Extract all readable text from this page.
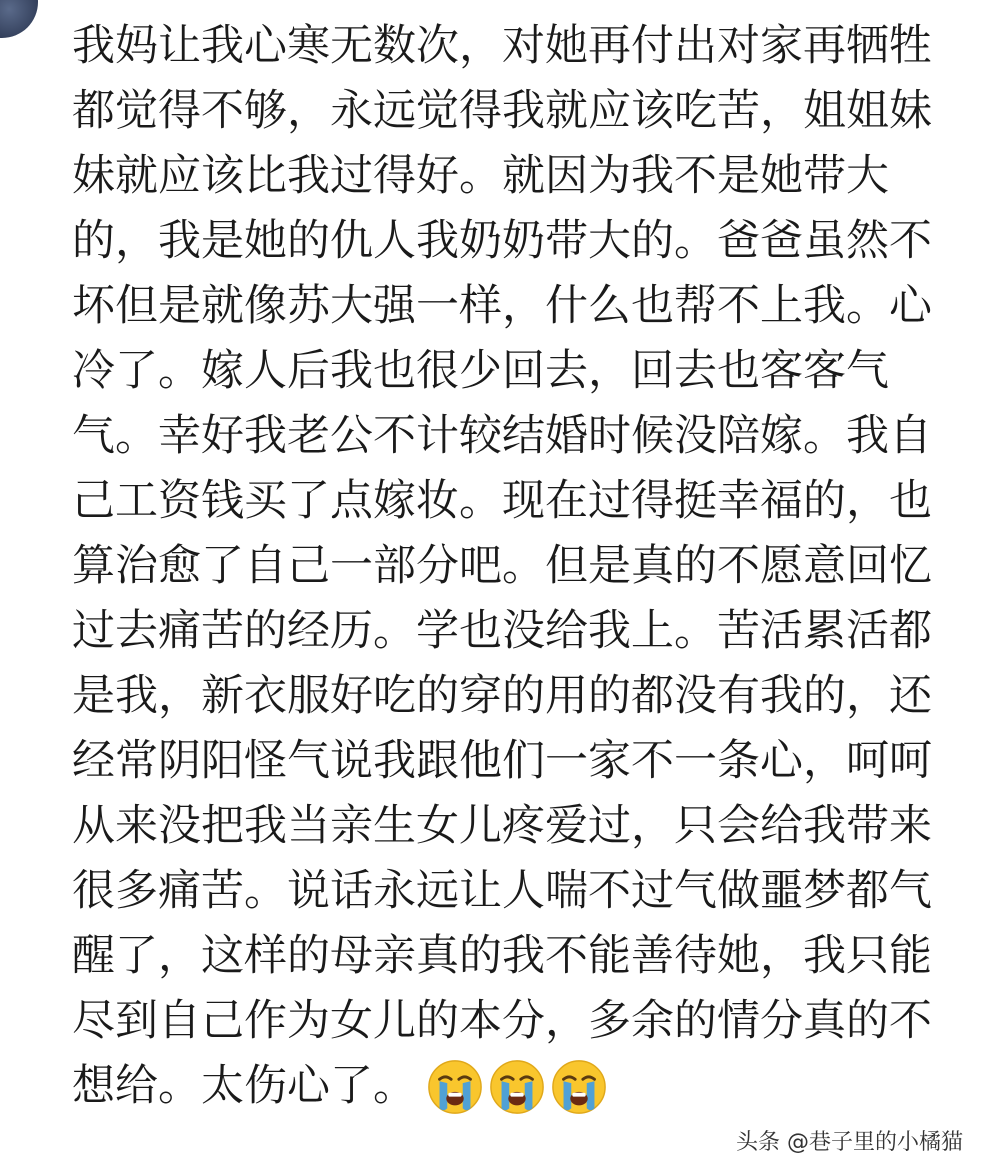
我妈让我心寒无数次，对她再付出对家再牺牲
都觉得不够，永远觉得我就应该吃苦，姐姐妹
妹就应该比我过得好。就因为我不是她带大
的，我是她的仇人我奶奶带大的。爸爸虽然不
坏但是就像苏大强一样，什么也帮不上我。心
冷了。嫁人后我也很少回去，回去也客客气
气。幸好我老公不计较结婚时候没陪嫁。我自
己工资钱买了点嫁妆。现在过得挺幸福的，也
算治愈了自己一部分吧。但是真的不愿意回忆
过去痛苦的经历。学也没给我上。苦活累活都
是我，新衣服好吃的穿的用的都没有我的，还
经常阴阳怪气说我跟他们一家不一条心，呵呵
从来没把我当亲生女儿疼爱过，只会给我带来
很多痛苦。说话永远让人喘不过气做噩梦都气
醒了，这样的母亲真的我不能善待她，我只能
尽到自己作为女儿的本分，多余的情分真的不
想给。太伤心了。
头条 @巷子里的小橘猫
